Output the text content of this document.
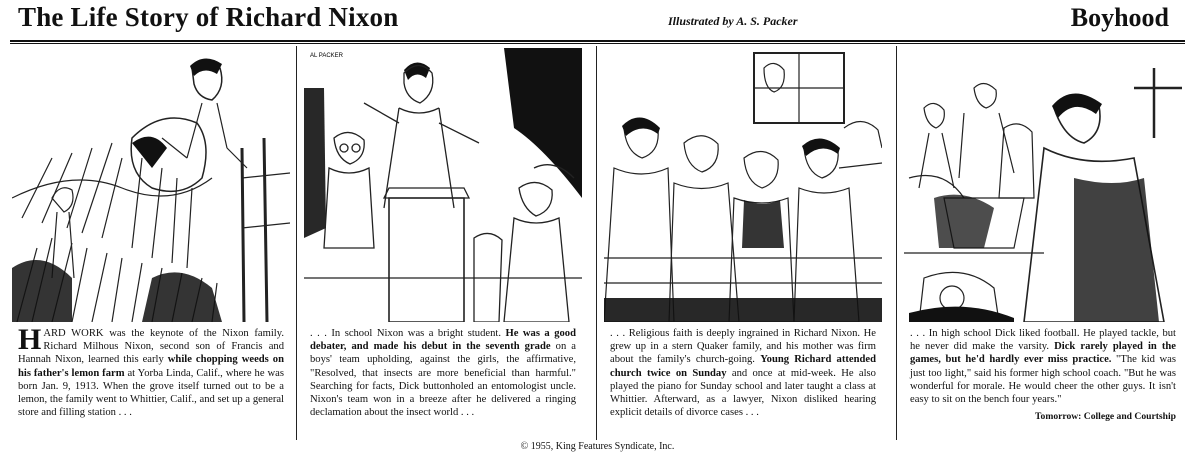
The Life Story of Richard Nixon	Illustrated by A. S. Packer	Boyhood
HARD WORK was the keynote of the Nixon family. Richard Milhous Nixon, second son of Francis and Hannah Nixon, learned this early while chopping weeds on his father's lemon farm at Yorba Linda, Calif., where he was born Jan. 9, 1913. When the grove itself turned out to be a lemon, the family went to Whittier, Calif., and set up a general store and filling station . . .
AL PACKER
. . . In school Nixon was a bright student. He was a good debater, and made his debut in the seventh grade on a boys' team upholding, against the girls, the affirmative, "Resolved, that insects are more beneficial than harmful." Searching for facts, Dick buttonholed an entomologist uncle. Nixon's team won in a breeze after he delivered a ringing declamation about the insect world . . .
. . . Religious faith is deeply ingrained in Richard Nixon. He grew up in a stern Quaker family, and his mother was firm about the family's church-going. Young Richard attended church twice on Sunday and once at mid-week. He also played the piano for Sunday school and later taught a class at Whittier. Afterward, as a lawyer, Nixon disliked hearing explicit details of divorce cases . . .
. . . In high school Dick liked football. He played tackle, but he never did make the varsity. Dick rarely played in the games, but he'd hardly ever miss practice. "The kid was just too light," said his former high school coach. "But he was wonderful for morale. He would cheer the other guys. It isn't easy to sit on the bench four years."
Tomorrow: College and Courtship
© 1955, King Features Syndicate, Inc.
